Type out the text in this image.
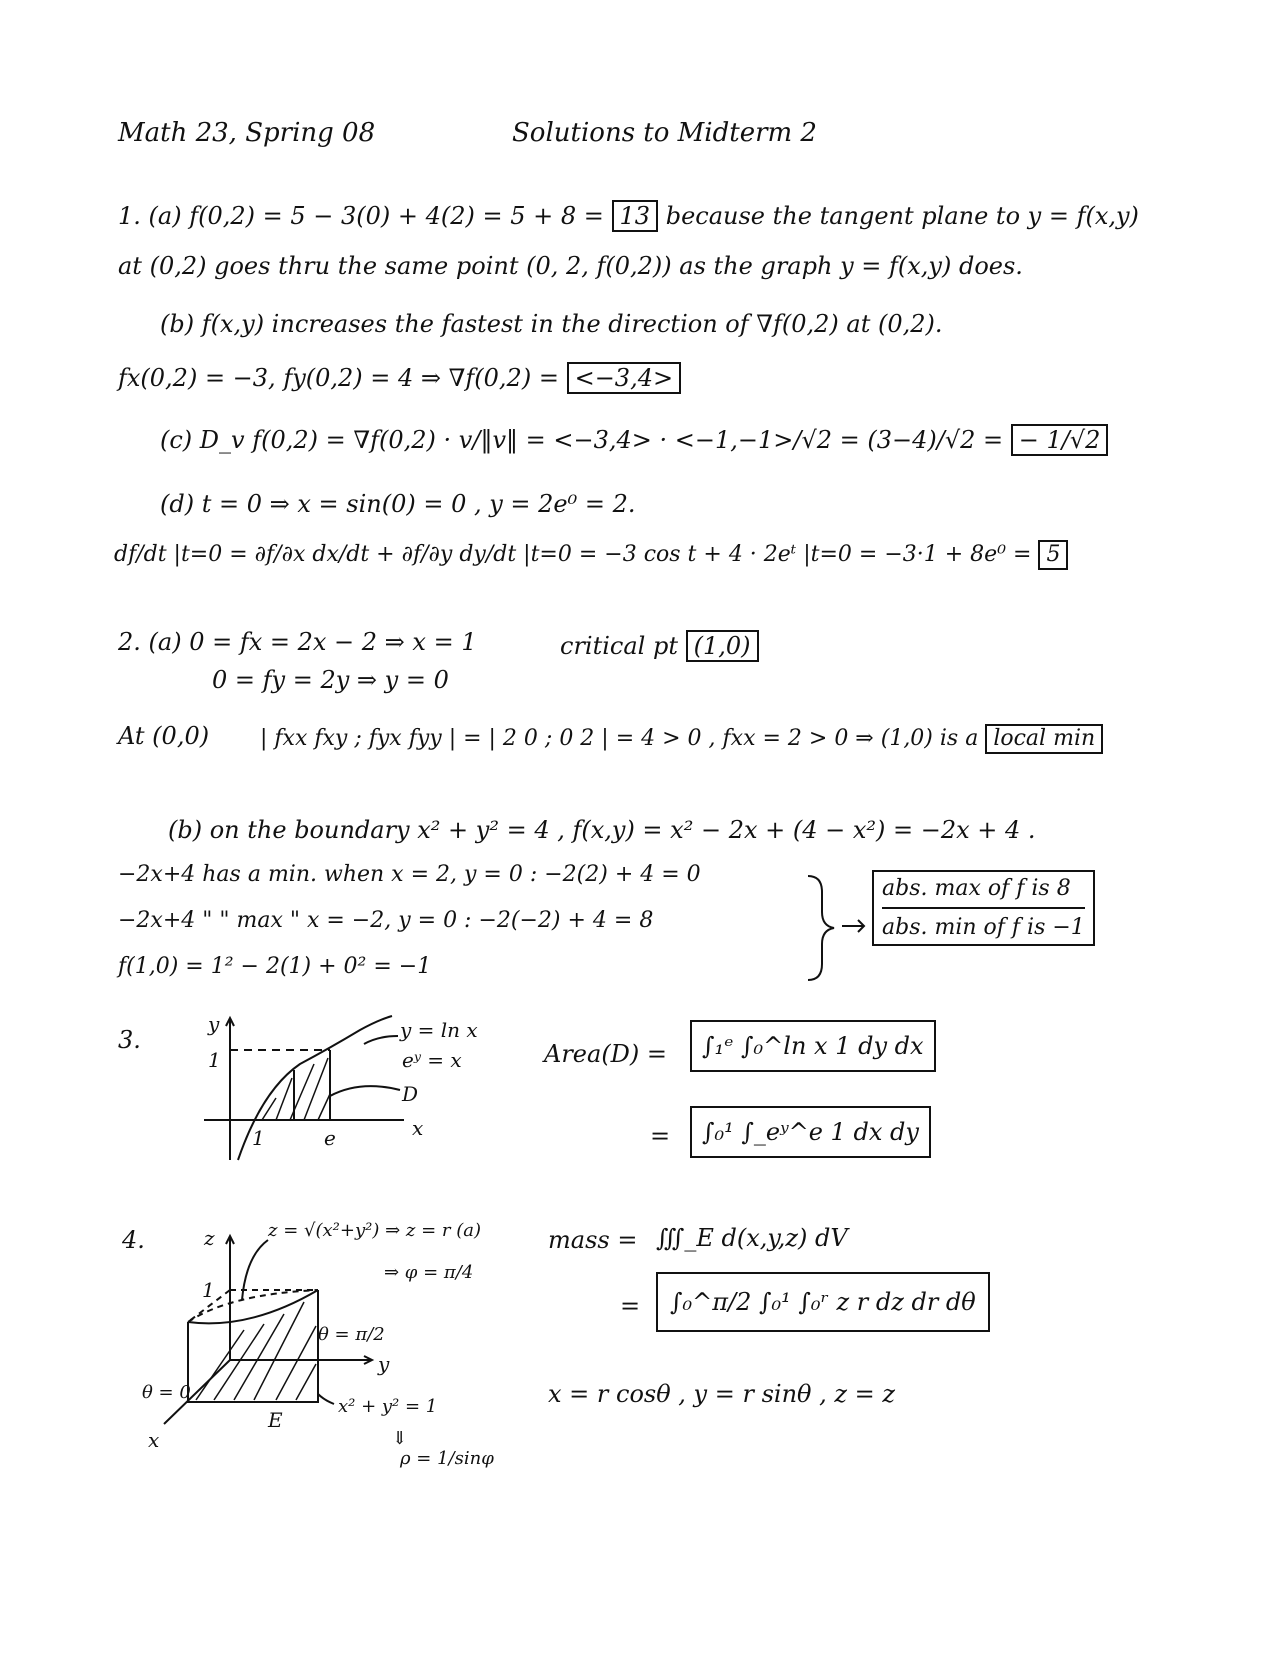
Math 23, Spring 08	Solutions to Midterm 2
1. (a) f(0,2) = 5 − 3(0) + 4(2) = 5 + 8 = 13 because the tangent plane to y = f(x,y)
at (0,2) goes thru the same point (0, 2, f(0,2)) as the graph y = f(x,y) does.
(b) f(x,y) increases the fastest in the direction of ∇f(0,2) at (0,2).
fx(0,2) = −3, fy(0,2) = 4 ⇒ ∇f(0,2) = <−3,4>
(c) D_v f(0,2) = ∇f(0,2) · v/‖v‖ = <−3,4> · <−1,−1>/√2 = (3−4)/√2 = − 1/√2
(d) t = 0 ⇒ x = sin(0) = 0 , y = 2e⁰ = 2.
df/dt |t=0 = ∂f/∂x dx/dt + ∂f/∂y dy/dt |t=0 = −3 cos t + 4 · 2eᵗ |t=0 = −3·1 + 8e⁰ = 5
2. (a) 0 = fx = 2x − 2 ⇒ x = 1	critical pt (1,0)
0 = fy = 2y ⇒ y = 0
At (0,0) | fxx fxy ; fyx fyy | = | 2 0 ; 0 2 | = 4 > 0 , fxx = 2 > 0 ⇒ (1,0) is a local min
(b) on the boundary x² + y² = 4 , f(x,y) = x² − 2x + (4 − x²) = −2x + 4 .
−2x+4 has a min. when x = 2, y = 0 : −2(2) + 4 = 0
−2x+4 " " max " x = −2, y = 0 : −2(−2) + 4 = 8
f(1,0) = 1² − 2(1) + 0² = −1
abs. max of f is 8
abs. min of f is −1
3.
y
x
1
1	e
y = ln x
eʸ = x
D
Area(D) =	∫₁ᵉ ∫₀^ln x 1 dy dx
=	∫₀¹ ∫_eʸ^e 1 dx dy
4.	z
y
x
1
z = √(x²+y²) ⇒ z = r (a)
⇒ φ = π/4
θ = π/2
θ = 0
E
x² + y² = 1
⇓
ρ = 1/sinφ
mass = ∭_E d(x,y,z) dV
=	∫₀^π/2 ∫₀¹ ∫₀ʳ z r dz dr dθ
x = r cosθ , y = r sinθ , z = z
